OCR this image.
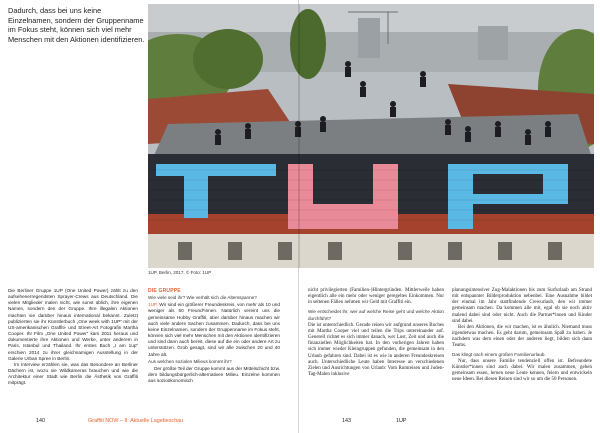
Dadurch, dass bei uns keine Einzelnamen, sondern der Gruppenname im Fokus steht, können sich viel mehr Menschen mit den Aktionen identifizieren.

Die Berliner Gruppe 1UP (One United Power) zählt zu den aufsehenerregendsten Sprayer-Crews aus Deutschland. Die vielen Mitglieder malen nicht, wie sonst üblich, ihre eigenen Namen, sondern den der Gruppe. Ihre illegalen Aktionen machten sie darüber hinaus international bekannt. Zuletzt publizierten sie ihr Künstlerbuch „One week with 1UP“ mit der US-amerikanischen Graffiti- und Street-Art Fotografin Martha Cooper. Ihr Film „One United Power“ kam 2011 heraus und dokumentierte ihre Aktionen und Werke, unter anderem in Paris, Istanbul und Thailand. Ihr erstes Buch „I am 1up“ erschien 2014 zu ihrer gleichnamigen Ausstellung in der Galerie Urban Spree in Berlin.

Im Interview erzählen sie, was das Besondere an Berliner Dächern ist, wozu sie Wildkameras brauchen und wie die Architektur einer Stadt wie Berlin die Ästhetik von Graffiti mitprägt.

DIE GRUPPE

Wie viele seid ihr? Wie verhält sich die Altersspanne?

1UP. Wir sind ein größerer Freundeskreis, von mehr als 10 und weniger als 50 Freund*innen. Natürlich vereint uns die gemeinsame Hobby Graffiti, aber darüber hinaus machen wir auch viele andere Sachen zusammen. Dadurch, dass bei uns keine Einzelnamen, sondern der Gruppenname im Fokus steht, können sich viel mehr Menschen mit den Aktionen identifizieren und sind dann auch bereit, diese auf die ein oder andere Art zu unterstützen. Grob gesagt, sind wir alle zwischen 20 und 40 Jahre alt.

Aus welchen sozialen Milieus kommt ihr?

Der größte Teil der Gruppe kommt aus der Mittelschicht bzw. dem bildungsbürgerlich-alternativen Milieu. Einzelne kommen aus sozioökonomisch

140	Graffiti NOW – II: Aktuelle Lagebeschau

nicht privilegierten (Familien-)Hintergründen. Mittlerweile haben eigentlich alle ein mehr oder weniger geregeltes Einkommen. Nur in seltenen Fällen nehmen wir Geld mit Graffiti ein.

Wie entscheidet ihr, wer auf welche Reise geht und welche Aktion durchführt?

Die ist unterschiedlich. Gerade reisen wir aufgrund unseres Buches mit Martha Cooper viel und teilen die Trips untereinander auf. Generell richtet es sich immer danach, wer Lust, Zeit und auch die finanziellen Möglichkeiten hat. In den vorherigen Jahren haben sich immer wieder Kleingruppen gefunden, die gemeinsam in den Urlaub gefahren sind. Dabei ist es wie in anderen Freundeskreisen auch. Unterschiedliche Leute haben Interesse an verschiedenen Zielen und Ausrichtungen von Urlaub: Vom Rumreisen und Juden-Tag-Malen inklusive

planungsintensiver Zug-Malaktionen bis zum Surfurlaub am Strand mit entspannter Bilderproduktion nebenbei. Eine Ausnahme bildet der einmal im Jahr stattfindende Crewurlaub, den wir immer gemeinsam machen. Da kommen alle mit, egal ob sie noch aktiv malend dabei sind oder nicht. Auch die Partner*innen und Kinder sind dabei.

Bei den Aktionen, die wir machen, ist es ähnlich. Niemand muss irgendetwas machen. Es geht darum, gemeinsam Spaß zu haben. Je nachdem was dem einen oder der anderen liegt, bilden sich dann Teams.

Das klingt nach einem großen Familienurlaub.

Nur, dass unsere Familie tendenziell offen ist. Befreundete Künstler*innen sind auch dabei. Wir malen zusammen, gehen gemeinsam essen, lernen neue Leute kennen, feiern und entwickeln neue Ideen. Bei diesen Reisen sind wir so um die 50 Personen.

143	1UP

1UP, Berlin, 2017, © Foto: 1UP
